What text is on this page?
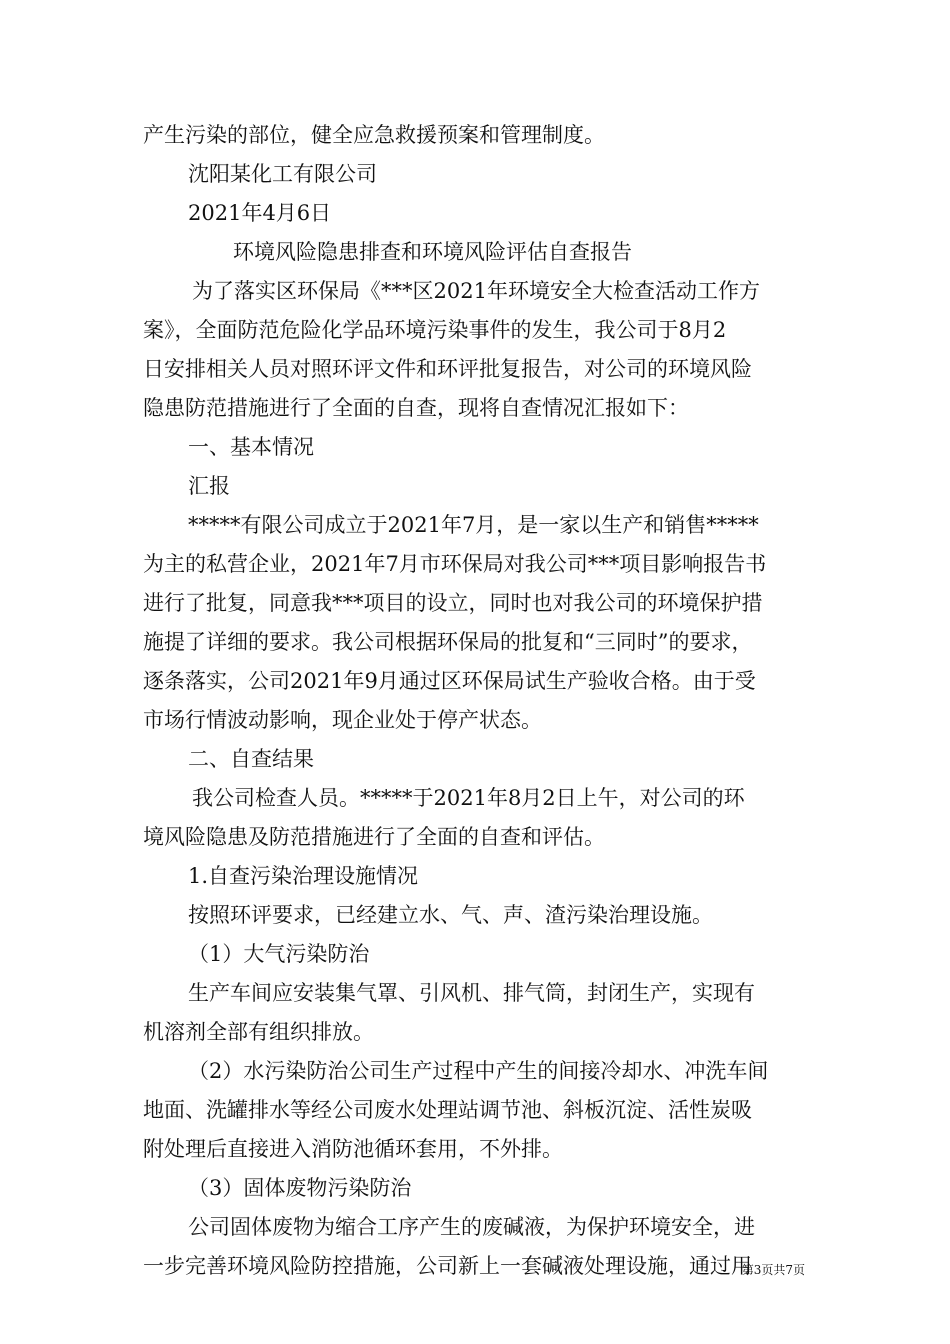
产生污染的部位，健全应急救援预案和管理制度。
沈阳某化工有限公司
2021年4月6日
环境风险隐患排查和环境风险评估自查报告
为了落实区环保局《***区2021年环境安全大检查活动工作方
案》，全面防范危险化学品环境污染事件的发生，我公司于8月2
日安排相关人员对照环评文件和环评批复报告，对公司的环境风险
隐患防范措施进行了全面的自查，现将自查情况汇报如下：
一、基本情况
汇报
*****有限公司成立于2021年7月，是一家以生产和销售*****
为主的私营企业，2021年7月市环保局对我公司***项目影响报告书
进行了批复，同意我***项目的设立，同时也对我公司的环境保护措
施提了详细的要求。我公司根据环保局的批复和“三同时”的要求，
逐条落实，公司2021年9月通过区环保局试生产验收合格。由于受
市场行情波动影响，现企业处于停产状态。
二、自查结果
我公司检查人员。*****于2021年8月2日上午，对公司的环
境风险隐患及防范措施进行了全面的自查和评估。
1.自查污染治理设施情况
按照环评要求，已经建立水、气、声、渣污染治理设施。
（1）大气污染防治
生产车间应安装集气罩、引风机、排气筒，封闭生产，实现有
机溶剂全部有组织排放。
（2）水污染防治公司生产过程中产生的间接冷却水、冲洗车间
地面、洗罐排水等经公司废水处理站调节池、斜板沉淀、活性炭吸
附处理后直接进入消防池循环套用，不外排。
（3）固体废物污染防治
公司固体废物为缩合工序产生的废碱液，为保护环境安全，进
一步完善环境风险防控措施，公司新上一套碱液处理设施，通过用
第3页共7页
